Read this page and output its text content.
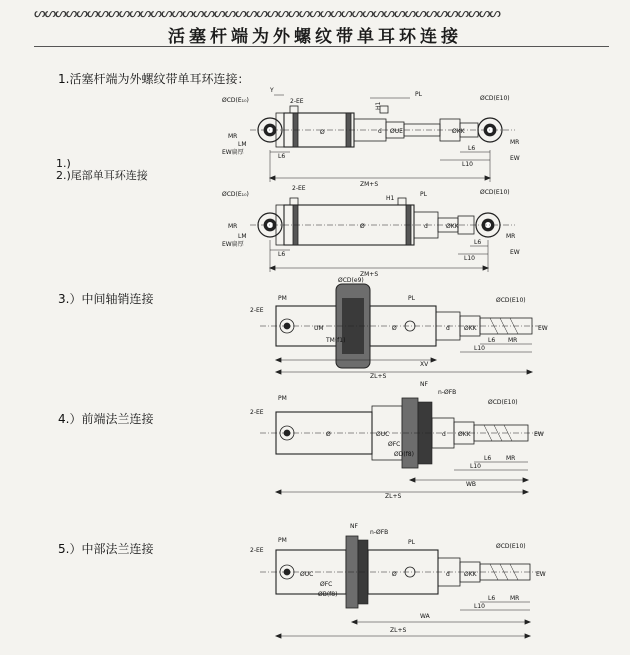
ᔕᔕᔕᔕᔕᔕᔕᔕᔕᔕᔕᔕᔕᔕᔕᔕᔕᔕᔕᔕᔕᔕᔕᔕᔕᔕᔕᔕᔕᔕᔕᔕᔕᔕᔕᔕᔕᔕᔕᔕᔕᔕᔕᔕ
活塞杆端为外螺纹带单耳环连接
1.活塞杆端为外螺纹带单耳环连接：
1.)
2.)尾部单耳环连接
3.）中间轴销连接
4.）前端法兰连接
5.）中部法兰连接
ØCD(E₁₀)
Y
2-EE
H1
PL
ØCD(E10)
MR
EW扁厚
LM
L6
Ø	ØUE
d	ØKK
L6
L10
MR
EW
ZM+S
ØCD(E₁₀)
2-EE
H1
PL	ØCD(E10)
MR
EW扁厚
LM
L6
Ø	d	ØKK
L6
L10
MR
EW
ZM+S
ØCD(e9)
PM	PL	ØCD(E10)
2-EE
UM
TM(f1)
Ø	d ØKK	EW
L6
L10
MR
XV
ZL+S
PM
NF
n-ØFB
ØCD(E10)
2-EE
Ø	ØUC
ØFC
ØD(f8)
d ØKK	EW
L6
L10
MR
WB
ZL+S
PM
NF
n-ØFB
PL
ØCD(E10)
2-EE
ØUC
ØFC
ØB(f8)
Ø	d ØKK	EW
L6
L10
MR
WA
ZL+S
